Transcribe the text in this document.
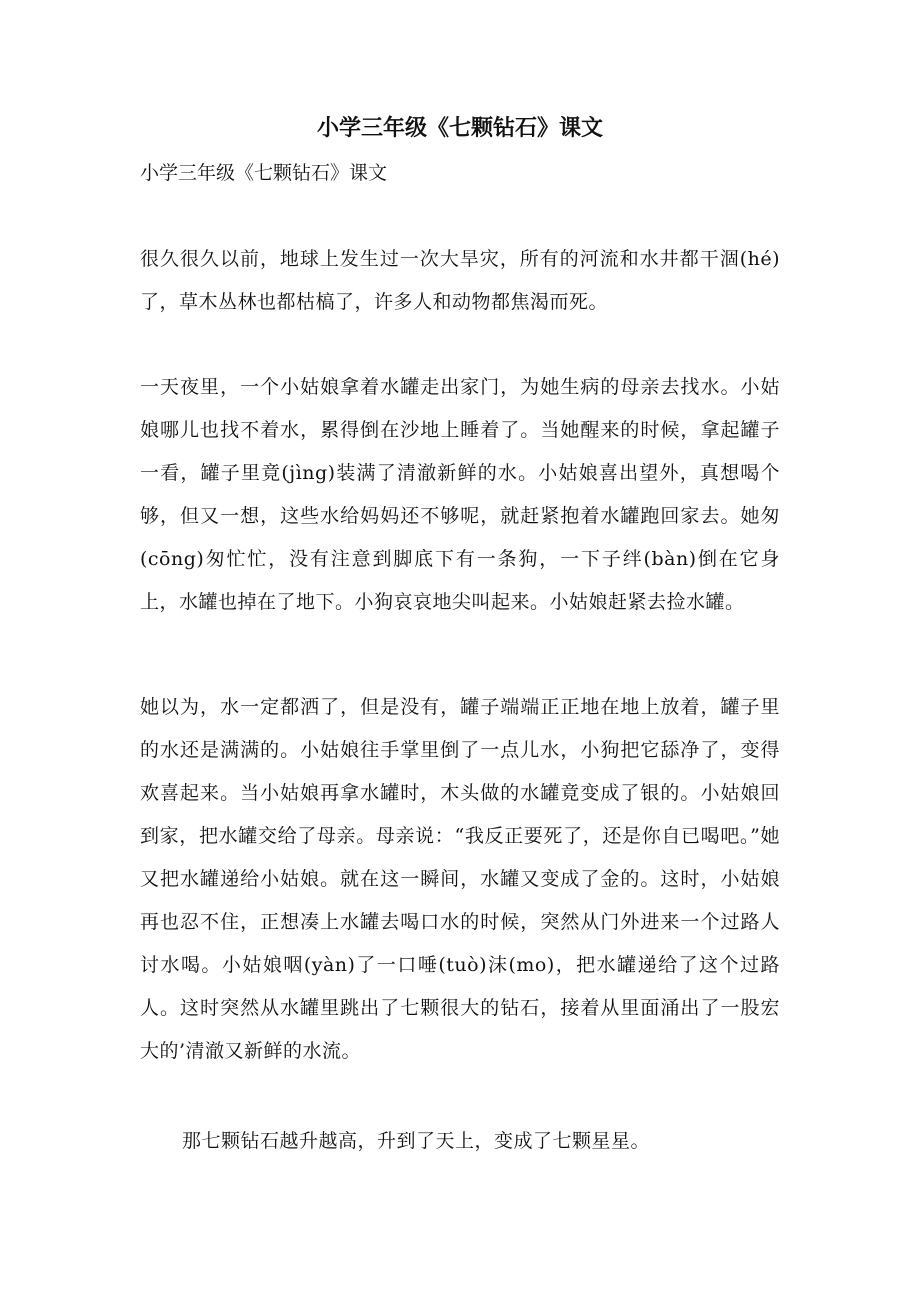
小学三年级《七颗钻石》课文

小学三年级《七颗钻石》课文

很久很久以前，地球上发生过一次大旱灾，所有的河流和水井都干涸(hé)了，草木丛林也都枯槁了，许多人和动物都焦渴而死。

一天夜里，一个小姑娘拿着水罐走出家门，为她生病的母亲去找水。小姑娘哪儿也找不着水，累得倒在沙地上睡着了。当她醒来的时候，拿起罐子一看，罐子里竟(jìng)装满了清澈新鲜的水。小姑娘喜出望外，真想喝个够，但又一想，这些水给妈妈还不够呢，就赶紧抱着水罐跑回家去。她匆(cōng)匆忙忙，没有注意到脚底下有一条狗，一下子绊(bàn)倒在它身上，水罐也掉在了地下。小狗哀哀地尖叫起来。小姑娘赶紧去捡水罐。

她以为，水一定都洒了，但是没有，罐子端端正正地在地上放着，罐子里的水还是满满的。小姑娘往手掌里倒了一点儿水，小狗把它舔净了，变得欢喜起来。当小姑娘再拿水罐时，木头做的水罐竟变成了银的。小姑娘回到家，把水罐交给了母亲。母亲说：“我反正要死了，还是你自已喝吧。”她又把水罐递给小姑娘。就在这一瞬间，水罐又变成了金的。这时，小姑娘再也忍不住，正想凑上水罐去喝口水的时候，突然从门外进来一个过路人讨水喝。小姑娘咽(yàn)了一口唾(tuò)沫(mo)，把水罐递给了这个过路人。这时突然从水罐里跳出了七颗很大的钻石，接着从里面涌出了一股宏大的’清澈又新鲜的水流。

那七颗钻石越升越高，升到了天上，变成了七颗星星。
